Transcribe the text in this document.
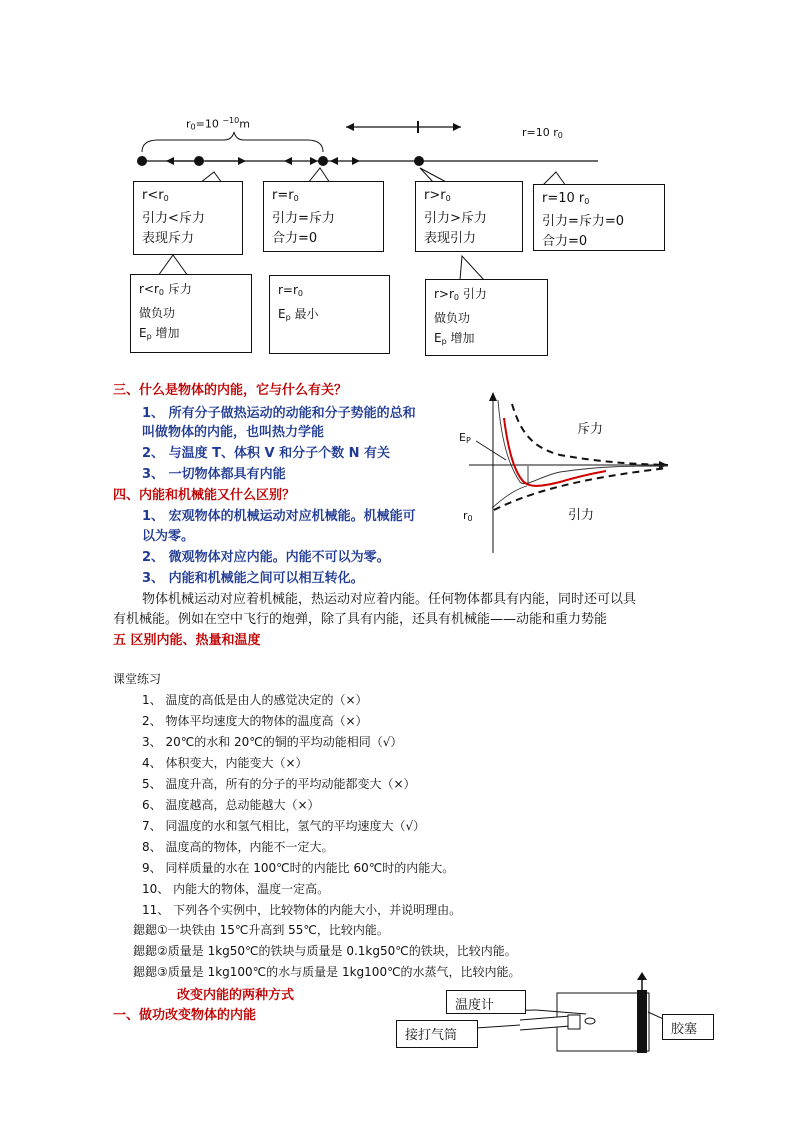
$r_0=10$ $^{-10}$m
r=10 $r_0$
$r<r_0$
引力<斥力
表现斥力
$r=r_0$
引力=斥力
合力=0
$r>r_0$
引力>斥力
表现引力
r=10 $r_0$
引力=斥力=0
合力=0
$r<r_0$ 斥力
做负功
$E_p$ 增加
$r=r_0$
$E_p$ 最小
$r>r_0$ 引力
做负功
$E_p$ 增加
$E_P$
$r_0$
斥力
引力
三、什么是物体的内能，它与什么有关？
1、 所有分子做热运动的动能和分子势能的总和
叫做物体的内能，也叫热力学能
2、 与温度 T、体积 V 和分子个数 N 有关
3、 一切物体都具有内能
四、内能和机械能又什么区别？
1、 宏观物体的机械运动对应机械能。机械能可
以为零。
2、 微观物体对应内能。内能不可以为零。
3、 内能和机械能之间可以相互转化。
物体机械运动对应着机械能，热运动对应着内能。任何物体都具有内能，同时还可以具
有机械能。例如在空中飞行的炮弹，除了具有内能，还具有机械能——动能和重力势能
五 区别内能、热量和温度
课堂练习
1、 温度的高低是由人的感觉决定的（×）
2、 物体平均速度大的物体的温度高（×）
3、 20℃的水和 20℃的铜的平均动能相同（√）
4、 体积变大，内能变大（×）
5、 温度升高，所有的分子的平均动能都变大（×）
6、 温度越高，总动能越大（×）
7、 同温度的水和氢气相比，氢气的平均速度大（√）
8、 温度高的物体，内能不一定大。
9、 同样质量的水在 100℃时的内能比 60℃时的内能大。
10、 内能大的物体，温度一定高。
11、 下列各个实例中，比较物体的内能大小，并说明理由。
鍶鍶①一块铁由 15℃升高到 55℃，比较内能。
鍶鍶②质量是 1kg50℃的铁块与质量是 0.1kg50℃的铁块，比较内能。
鍶鍶③质量是 1kg100℃的水与质量是 1kg100℃的水蒸气，比较内能。
改变内能的两种方式
一、做功改变物体的内能
温度计
接打气筒	胶塞
